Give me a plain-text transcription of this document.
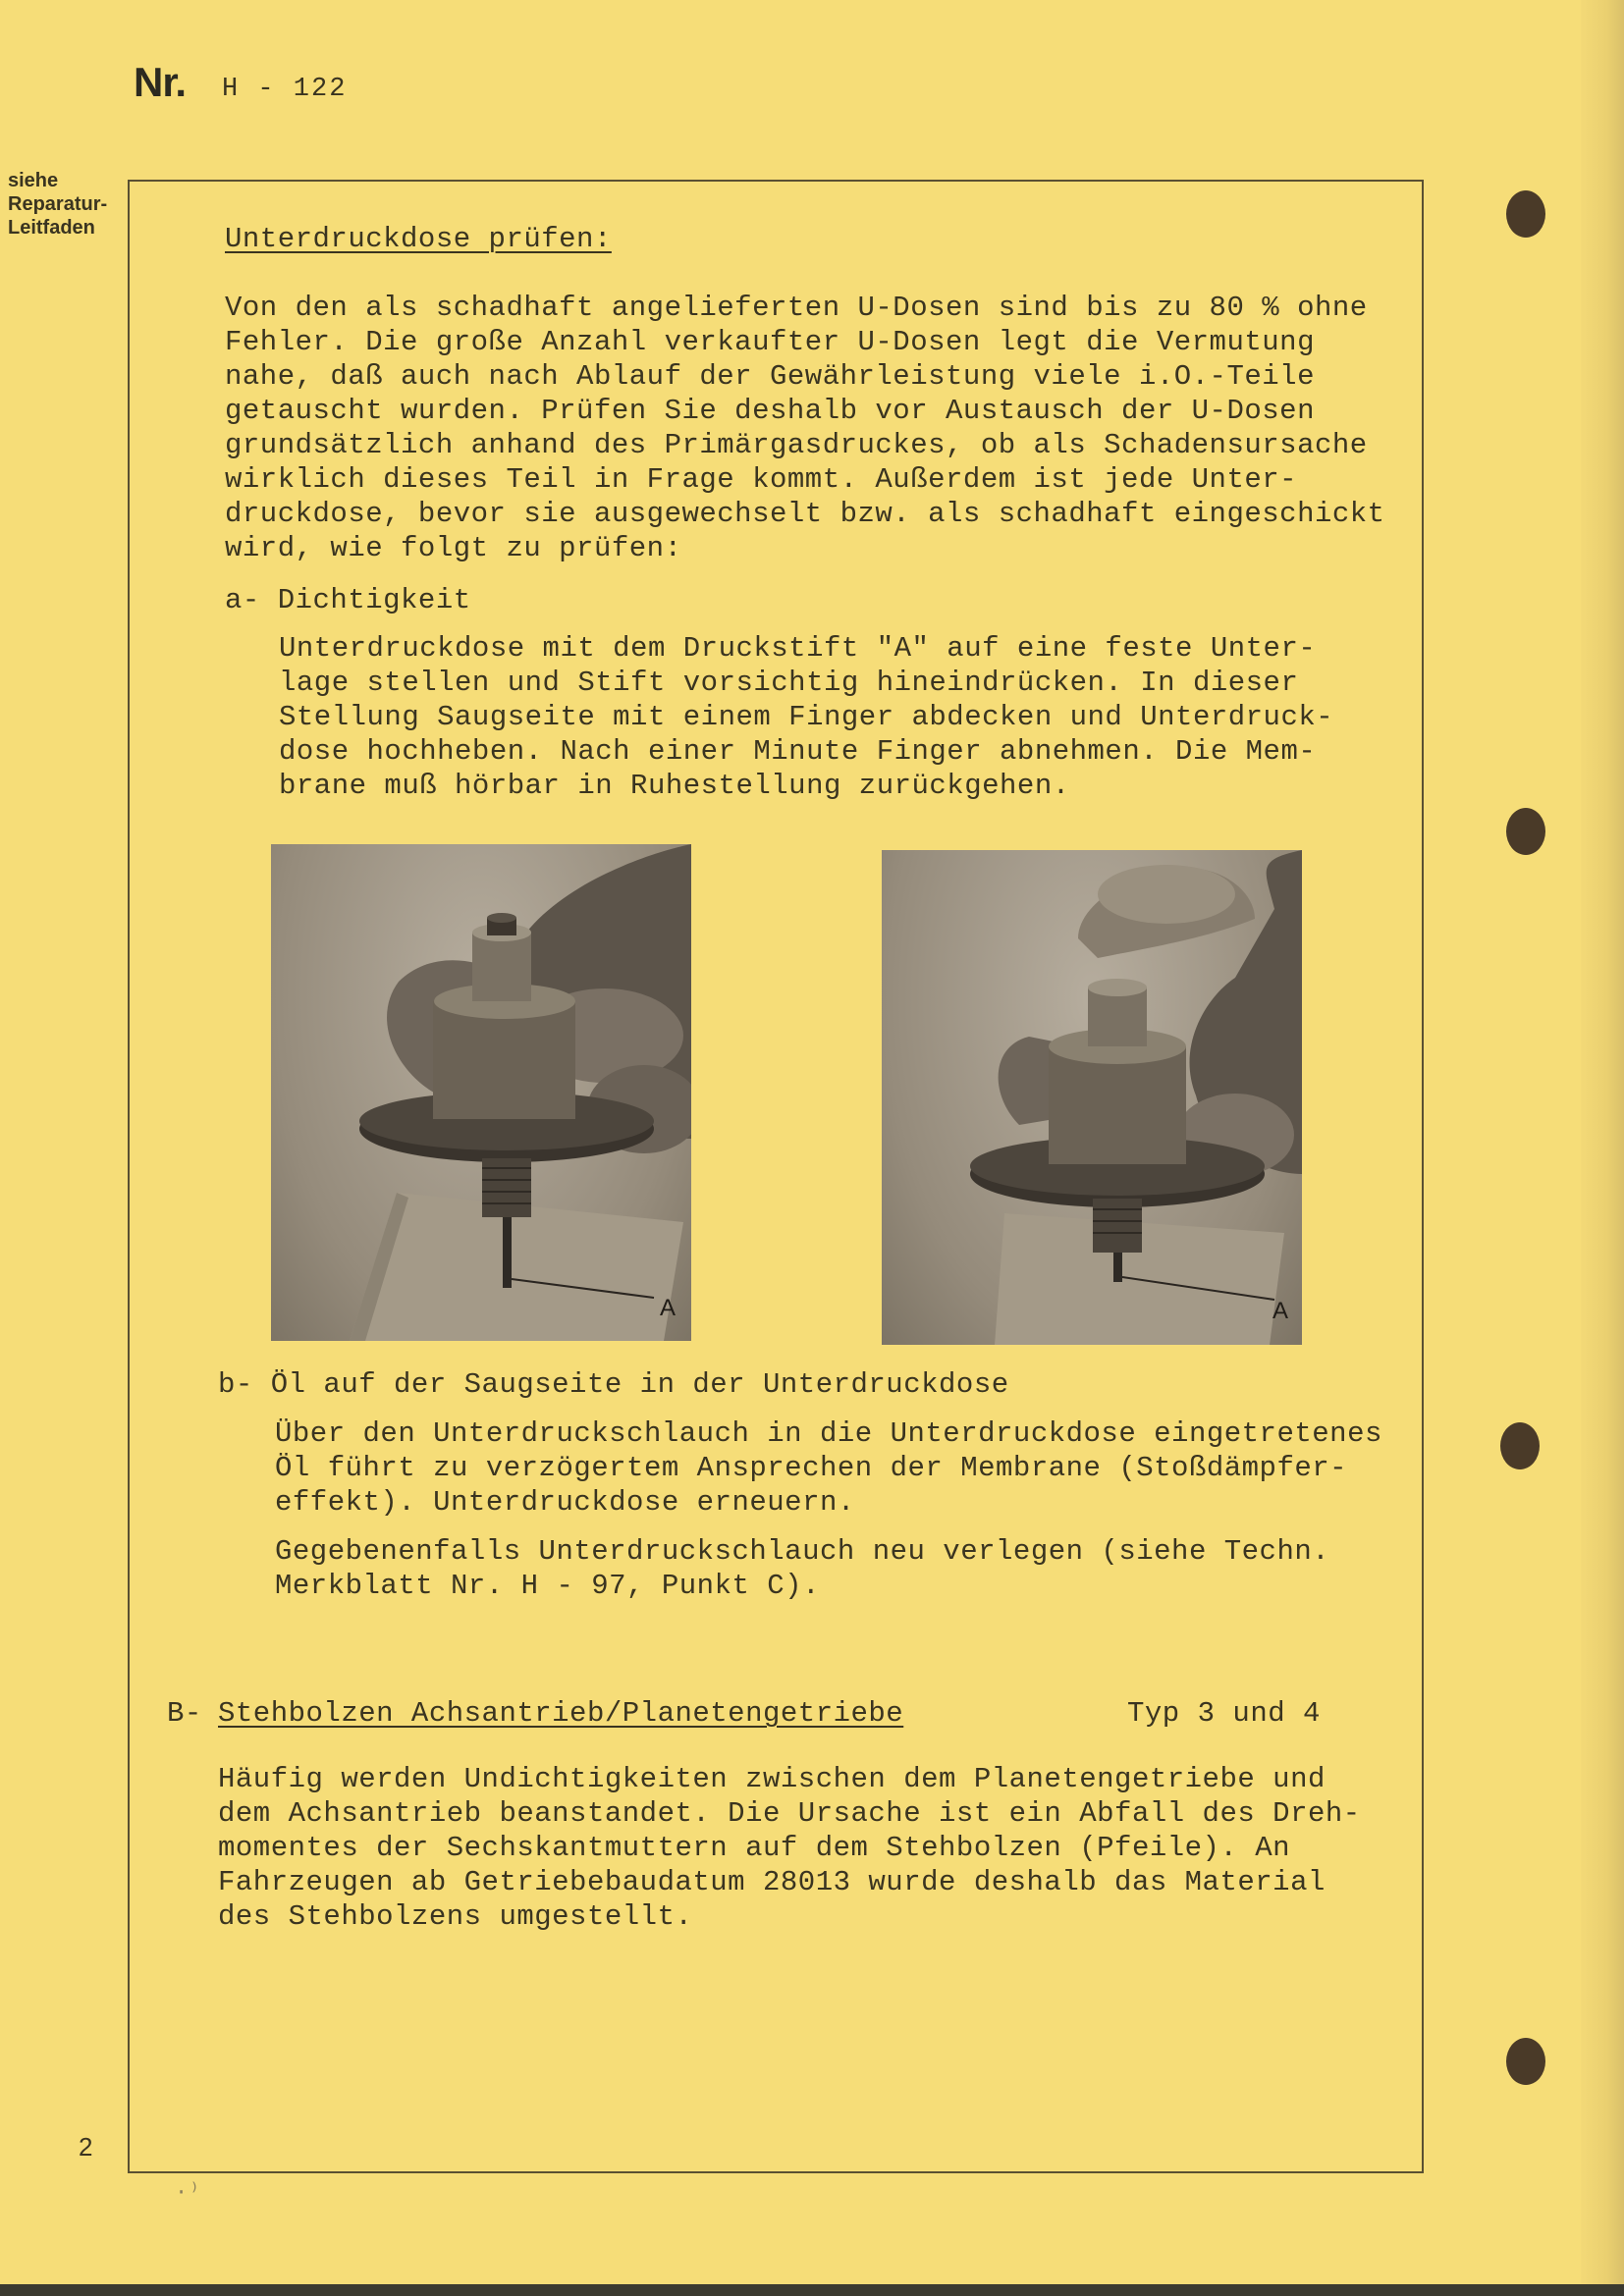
Nr. H - 122
siehe
Reparatur-
Leitfaden	Unterdruckdose prüfen:
Von den als schadhaft angelieferten U-Dosen sind bis zu 80 % ohne
Fehler. Die große Anzahl verkaufter U-Dosen legt die Vermutung
nahe, daß auch nach Ablauf der Gewährleistung viele i.O.-Teile
getauscht wurden. Prüfen Sie deshalb vor Austausch der U-Dosen
grundsätzlich anhand des Primärgasdruckes, ob als Schadensursache
wirklich dieses Teil in Frage kommt. Außerdem ist jede Unter-
druckdose, bevor sie ausgewechselt bzw. als schadhaft eingeschickt
wird, wie folgt zu prüfen:
a- Dichtigkeit
Unterdruckdose mit dem Druckstift "A" auf eine feste Unter-
lage stellen und Stift vorsichtig hineindrücken. In dieser
Stellung Saugseite mit einem Finger abdecken und Unterdruck-
dose hochheben. Nach einer Minute Finger abnehmen. Die Mem-
brane muß hörbar in Ruhestellung zurückgehen.
A	A
b- Öl auf der Saugseite in der Unterdruckdose
Über den Unterdruckschlauch in die Unterdruckdose eingetretenes
Öl führt zu verzögertem Ansprechen der Membrane (Stoßdämpfer-
effekt). Unterdruckdose erneuern.
Gegebenenfalls Unterdruckschlauch neu verlegen (siehe Techn.
Merkblatt Nr. H - 97, Punkt C).
B- Stehbolzen Achsantrieb/Planetengetriebe	Typ 3 und 4
Häufig werden Undichtigkeiten zwischen dem Planetengetriebe und
dem Achsantrieb beanstandet. Die Ursache ist ein Abfall des Dreh-
momentes der Sechskantmuttern auf dem Stehbolzen (Pfeile). An
Fahrzeugen ab Getriebebaudatum 28013 wurde deshalb das Material
des Stehbolzens umgestellt.
2
·⁾
